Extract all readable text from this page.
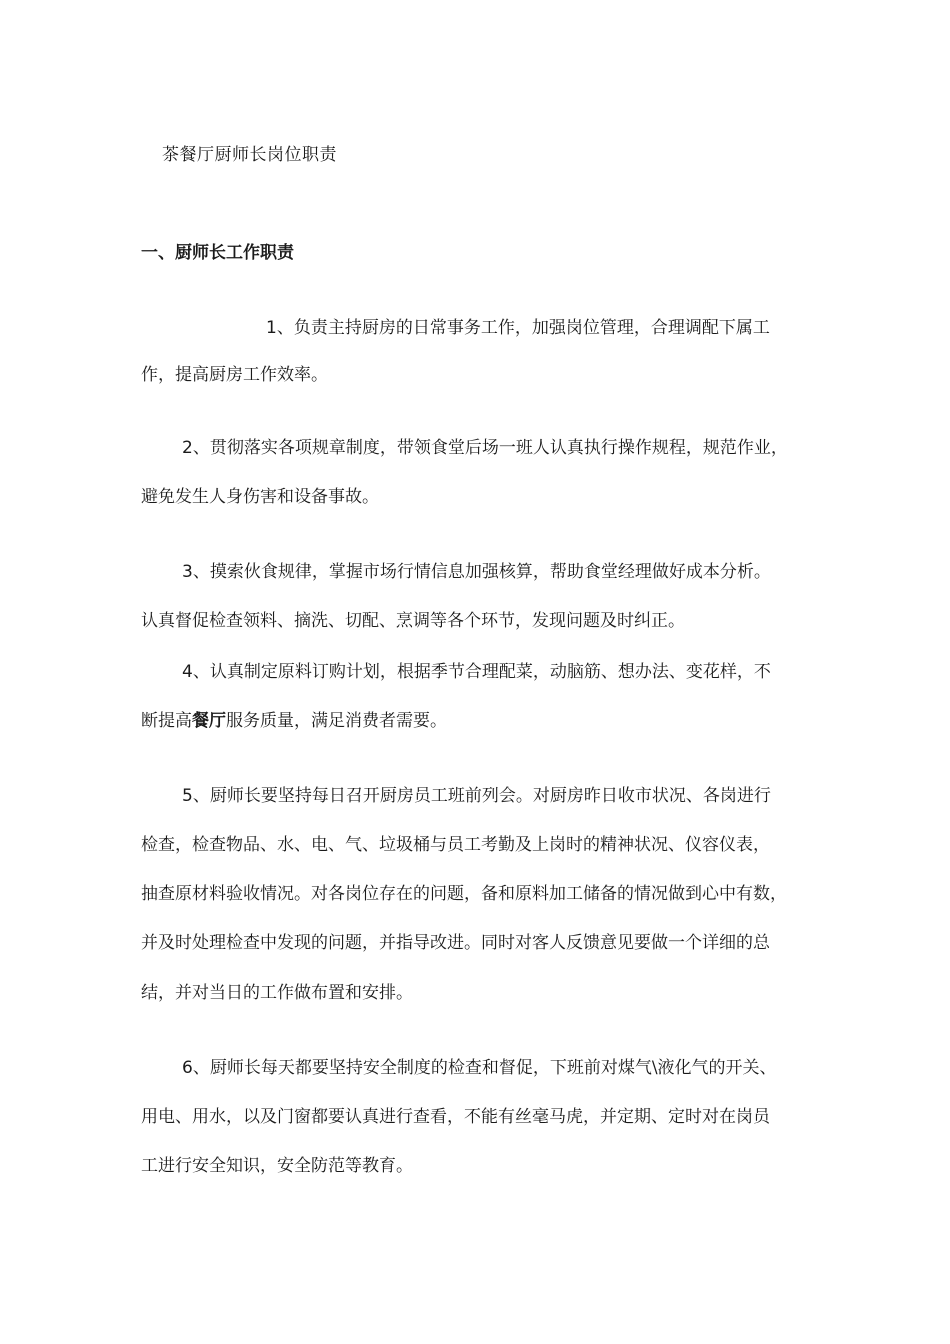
茶餐厅厨师长岗位职责
一、厨师长工作职责
1、负责主持厨房的日常事务工作，加强岗位管理，合理调配下属工
作，提高厨房工作效率。
2、贯彻落实各项规章制度，带领食堂后场一班人认真执行操作规程，规范作业，
避免发生人身伤害和设备事故。
3、摸索伙食规律，掌握市场行情信息加强核算，帮助食堂经理做好成本分析。
认真督促检查领料、摘洗、切配、烹调等各个环节，发现问题及时纠正。
4、认真制定原料订购计划，根据季节合理配菜，动脑筋、想办法、变花样，不
断提高餐厅服务质量，满足消费者需要。
5、厨师长要坚持每日召开厨房员工班前列会。对厨房昨日收市状况、各岗进行
检查，检查物品、水、电、气、垃圾桶与员工考勤及上岗时的精神状况、仪容仪表，
抽查原材料验收情况。对各岗位存在的问题，备和原料加工储备的情况做到心中有数，
并及时处理检查中发现的问题，并指导改进。同时对客人反馈意见要做一个详细的总
结，并对当日的工作做布置和安排。
6、厨师长每天都要坚持安全制度的检查和督促，下班前对煤气\液化气的开关、
用电、用水，以及门窗都要认真进行查看，不能有丝毫马虎，并定期、定时对在岗员
工进行安全知识，安全防范等教育。
